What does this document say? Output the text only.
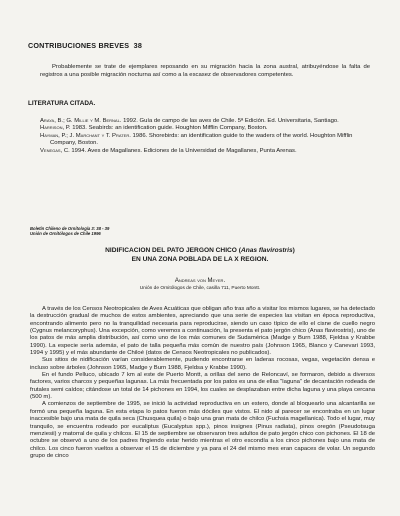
CONTRIBUCIONES BREVES 38
Probablemente se trate de ejemplares reposando en su migración hacia la zona austral, atribuyéndose la falta de registros a una posible migración nocturna así como a la escasez de observadores competentes.
LITERATURA CITADA.
Araya, B.; G. Millie y M. Bernal. 1992. Guía de campo de las aves de Chile. 5ª Edición. Ed. Universitaria, Santiago.
Harrison, P. 1983. Seabirds: an identification guide. Houghton Mifflin Company, Boston.
Hayman, P.; J. Marchant y T. Prater. 1986. Shorebirds: an identification guide to the waders of the world. Houghton Mifflin Company, Boston.
Venegas, C. 1994. Aves de Magallanes. Ediciones de la Universidad de Magallanes, Punta Arenas.
Boletín Chileno de Ornitología 3: 38 - 39
Unión de Ornitólogos de Chile 1996
NIDIFICACION DEL PATO JERGON CHICO (Anas flavirostris)
EN UNA ZONA POBLADA DE LA X REGION.
Andreas von Meyer.
Unión de Ornitólogos de Chile, casilla 711, Puerto Montt.

A través de los Censos Neotropicales de Aves Acuáticas que obligan año tras año a visitar los mismos lugares, se ha detectado la destrucción gradual de muchos de estos ambientes, apreciando que una serie de especies las visitan en época reproductiva, encontrando alimento pero no la tranquilidad necesaria para reproducirse, siendo un caso típico de ello el cisne de cuello negro (Cygnus melancoryphus). Una excepción, como veremos a continuación, la presenta el pato jergón chico (Anas flavirostris), uno de los patos de más amplia distribución, así como uno de los más comunes de Sudamérica (Madge y Burn 1988, Fjeldsa y Krabbe 1990). La especie sería además, el pato de talla pequeña más común de nuestro país (Johnson 1965, Blanco y Canevari 1993, 1994 y 1995) y el más abundante de Chiloé (datos de Censos Neotropicales no publicados).

Sus sitios de nidificación varían considerablemente, pudiendo encontrarse en laderas rocosas, vegas, vegetación densa e incluso sobre árboles (Johnson 1965, Madge y Burn 1988, Fjeldsa y Krabbe 1990).

En el fundo Pelluco, ubicado 7 km al este de Puerto Montt, a orillas del seno de Reloncaví, se formaron, debido a diversos factores, varios charcos y pequeñas lagunas. La más frecuentada por los patos es una de ellas “laguna” de decantación rodeada de frutales semi caídos; citándose un total de 14 pichones en 1994, los cuales se desplazaban entre dicha laguna y una playa cercana (500 m).

A comienzos de septiembre de 1995, se inició la actividad reproductiva en un estero, donde al bloquearlo una alcantarilla se formó una pequeña laguna. En esta etapa lo patos fueron más dóciles que vistos. El nido al parecer se encontraba en un lugar inaccesible bajo una mata de quila seca (Chusquea quila) o bajo una gran mata de chilco (Fuchsia magellanica). Todo el lugar, muy tranquilo, se encuentra rodeado por eucaliptus (Eucalyptus spp.), pinos insignes (Pinus radiata), pinos oregón (Pseudotsuga menziesii) y matorral de quila y chilcos. El 15 de septiembre se observaron tres adultos de pato jergón chico con pichones. El 18 de octubre se observó a uno de los padres fingiendo estar herido mientras el otro escondía a los cinco pichones bajo una mata de chilco. Los cinco fueron vueltos a observar el 15 de diciembre y ya para el 24 del mismo mes eran capaces de volar. Un segundo grupo de cinco
